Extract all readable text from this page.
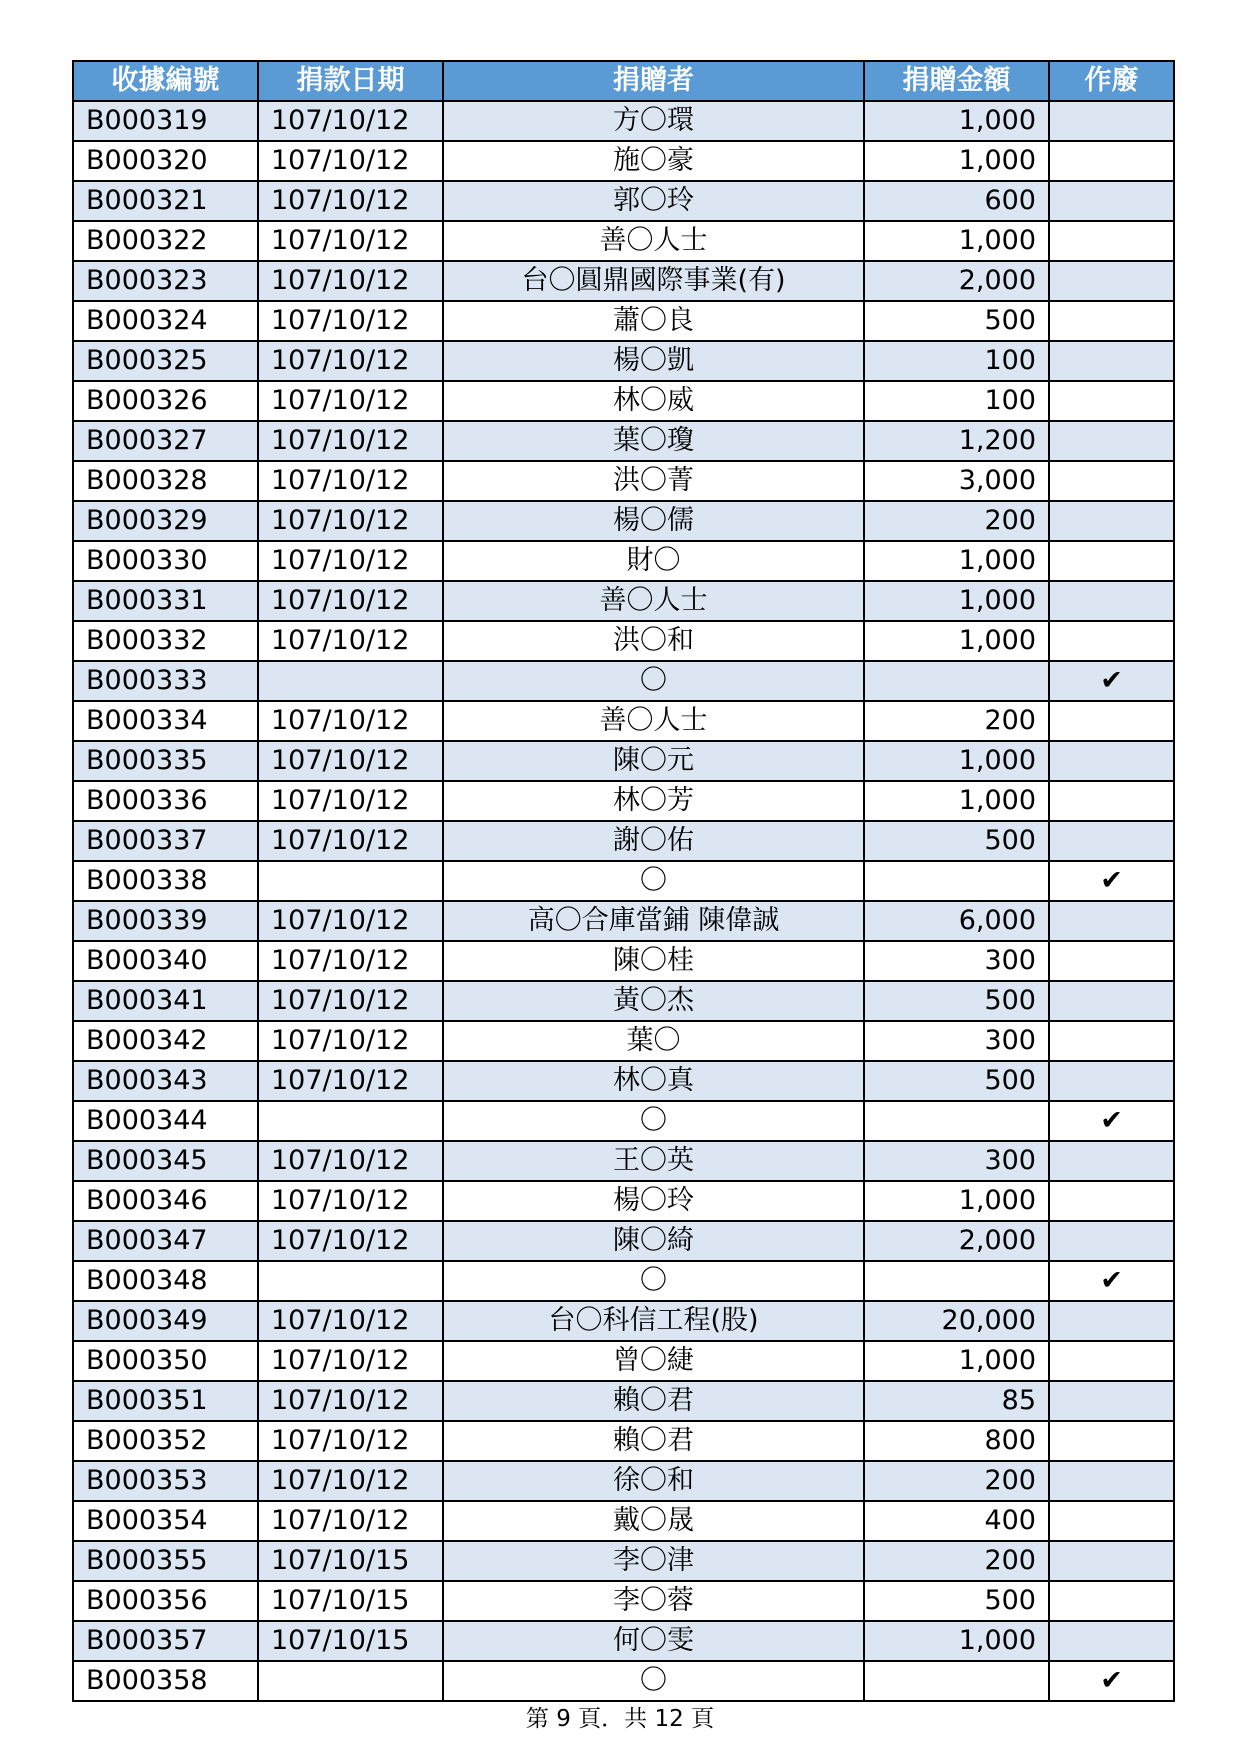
收據編號	捐款日期	捐贈者	捐贈金額	作廢
B000319	107/10/12	方〇環	1,000	
B000320	107/10/12	施〇豪	1,000	
B000321	107/10/12	郭〇玲	600	
B000322	107/10/12	善〇人士	1,000	
B000323	107/10/12	台〇圓鼎國際事業(有)	2,000	
B000324	107/10/12	蕭〇良	500	
B000325	107/10/12	楊〇凱	100	
B000326	107/10/12	林〇威	100	
B000327	107/10/12	葉〇瓊	1,200	
B000328	107/10/12	洪〇菁	3,000	
B000329	107/10/12	楊〇儒	200	
B000330	107/10/12	財〇	1,000	
B000331	107/10/12	善〇人士	1,000	
B000332	107/10/12	洪〇和	1,000	
B000333		〇		✔
B000334	107/10/12	善〇人士	200	
B000335	107/10/12	陳〇元	1,000	
B000336	107/10/12	林〇芳	1,000	
B000337	107/10/12	謝〇佑	500	
B000338		〇		✔
B000339	107/10/12	高〇合庫當鋪 陳偉誠	6,000	
B000340	107/10/12	陳〇桂	300	
B000341	107/10/12	黃〇杰	500	
B000342	107/10/12	葉〇	300	
B000343	107/10/12	林〇真	500	
B000344		〇		✔
B000345	107/10/12	王〇英	300	
B000346	107/10/12	楊〇玲	1,000	
B000347	107/10/12	陳〇綺	2,000	
B000348		〇		✔
B000349	107/10/12	台〇科信工程(股)	20,000	
B000350	107/10/12	曾〇緁	1,000	
B000351	107/10/12	賴〇君	85	
B000352	107/10/12	賴〇君	800	
B000353	107/10/12	徐〇和	200	
B000354	107/10/12	戴〇晟	400	
B000355	107/10/15	李〇津	200	
B000356	107/10/15	李〇蓉	500	
B000357	107/10/15	何〇雯	1,000	
B000358		〇		✔
第 9 頁．共 12 頁
